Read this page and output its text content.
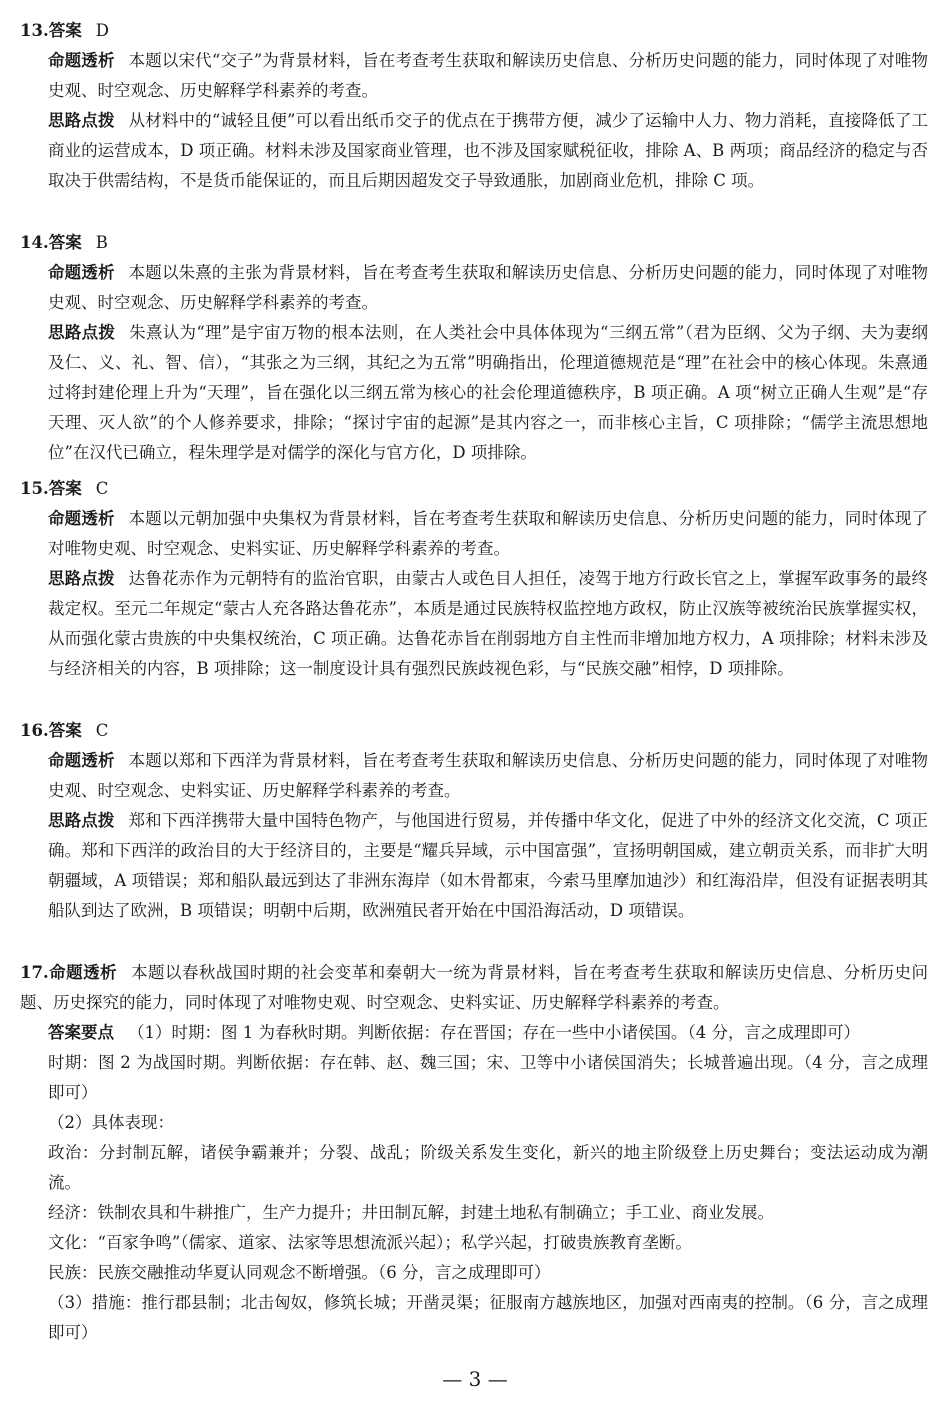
13.答案 D
命题透析 本题以宋代“交子”为背景材料，旨在考查考生获取和解读历史信息、分析历史问题的能力，同时体现了对唯物史观、时空观念、历史解释学科素养的考查。
思路点拨 从材料中的“诚轻且便”可以看出纸币交子的优点在于携带方便，减少了运输中人力、物力消耗，直接降低了工商业的运营成本，D 项正确。材料未涉及国家商业管理，也不涉及国家赋税征收，排除 A、B 两项；商品经济的稳定与否取决于供需结构，不是货币能保证的，而且后期因超发交子导致通胀，加剧商业危机，排除 C 项。
14.答案 B
命题透析 本题以朱熹的主张为背景材料，旨在考查考生获取和解读历史信息、分析历史问题的能力，同时体现了对唯物史观、时空观念、历史解释学科素养的考查。
思路点拨 朱熹认为“理”是宇宙万物的根本法则，在人类社会中具体体现为“三纲五常”（君为臣纲、父为子纲、夫为妻纲及仁、义、礼、智、信），“其张之为三纲，其纪之为五常”明确指出，伦理道德规范是“理”在社会中的核心体现。朱熹通过将封建伦理上升为“天理”，旨在强化以三纲五常为核心的社会伦理道德秩序，B 项正确。A 项“树立正确人生观”是“存天理、灭人欲”的个人修养要求，排除；“探讨宇宙的起源”是其内容之一，而非核心主旨，C 项排除；“儒学主流思想地位”在汉代已确立，程朱理学是对儒学的深化与官方化，D 项排除。
15.答案 C
命题透析 本题以元朝加强中央集权为背景材料，旨在考查考生获取和解读历史信息、分析历史问题的能力，同时体现了对唯物史观、时空观念、史料实证、历史解释学科素养的考查。
思路点拨 达鲁花赤作为元朝特有的监治官职，由蒙古人或色目人担任，凌驾于地方行政长官之上，掌握军政事务的最终裁定权。至元二年规定“蒙古人充各路达鲁花赤”，本质是通过民族特权监控地方政权，防止汉族等被统治民族掌握实权，从而强化蒙古贵族的中央集权统治，C 项正确。达鲁花赤旨在削弱地方自主性而非增加地方权力，A 项排除；材料未涉及与经济相关的内容，B 项排除；这一制度设计具有强烈民族歧视色彩，与“民族交融”相悖，D 项排除。
16.答案 C
命题透析 本题以郑和下西洋为背景材料，旨在考查考生获取和解读历史信息、分析历史问题的能力，同时体现了对唯物史观、时空观念、史料实证、历史解释学科素养的考查。
思路点拨 郑和下西洋携带大量中国特色物产，与他国进行贸易，并传播中华文化，促进了中外的经济文化交流，C 项正确。郑和下西洋的政治目的大于经济目的，主要是“耀兵异域，示中国富强”，宣扬明朝国威，建立朝贡关系，而非扩大明朝疆域，A 项错误；郑和船队最远到达了非洲东海岸（如木骨都束，今索马里摩加迪沙）和红海沿岸，但没有证据表明其船队到达了欧洲，B 项错误；明朝中后期，欧洲殖民者开始在中国沿海活动，D 项错误。
17.命题透析 本题以春秋战国时期的社会变革和秦朝大一统为背景材料，旨在考查考生获取和解读历史信息、分析历史问题、历史探究的能力，同时体现了对唯物史观、时空观念、史料实证、历史解释学科素养的考查。
答案要点 （1）时期：图 1 为春秋时期。判断依据：存在晋国；存在一些中小诸侯国。（4 分，言之成理即可）
时期：图 2 为战国时期。判断依据：存在韩、赵、魏三国；宋、卫等中小诸侯国消失；长城普遍出现。（4 分，言之成理即可）
（2）具体表现：
政治：分封制瓦解，诸侯争霸兼并；分裂、战乱；阶级关系发生变化，新兴的地主阶级登上历史舞台；变法运动成为潮流。
经济：铁制农具和牛耕推广，生产力提升；井田制瓦解，封建土地私有制确立；手工业、商业发展。
文化：“百家争鸣”（儒家、道家、法家等思想流派兴起）；私学兴起，打破贵族教育垄断。
民族：民族交融推动华夏认同观念不断增强。（6 分，言之成理即可）
（3）措施：推行郡县制；北击匈奴，修筑长城；开凿灵渠；征服南方越族地区，加强对西南夷的控制。（6 分，言之成理即可）
— 3 —
